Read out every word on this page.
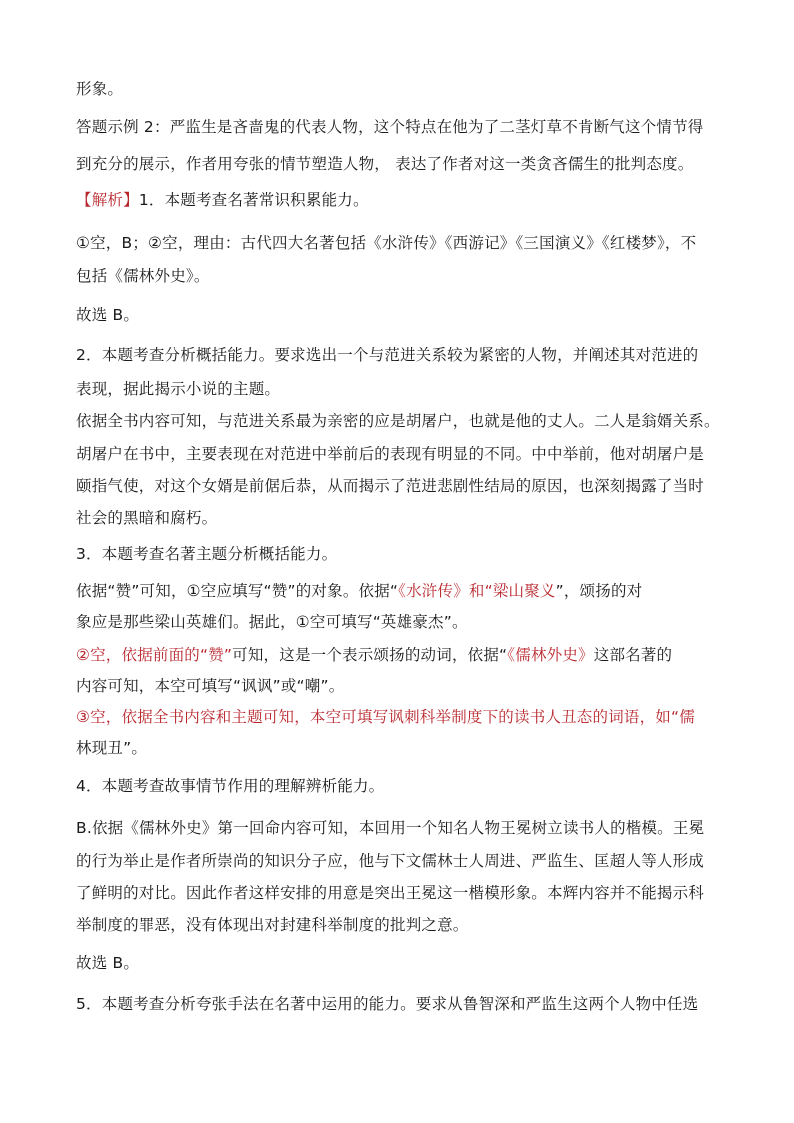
形象。
答题示例 2：严监生是吝啬鬼的代表人物，这个特点在他为了二茎灯草不肯断气这个情节得
到充分的展示，作者用夸张的情节塑造人物， 表达了作者对这一类贪吝儒生的批判态度。
【解析】1．本题考查名著常识积累能力。
①空，B；②空，理由：古代四大名著包括《水浒传》《西游记》《三国演义》《红楼梦》，不
包括《儒林外史》。
故选 B。
2．本题考查分析概括能力。要求选出一个与范进关系较为紧密的人物，并阐述其对范进的
表现，据此揭示小说的主题。
依据全书内容可知，与范进关系最为亲密的应是胡屠户，也就是他的丈人。二人是翁婿关系。
胡屠户在书中，主要表现在对范进中举前后的表现有明显的不同。中中举前，他对胡屠户是
颐指气使，对这个女婿是前倨后恭，从而揭示了范进悲剧性结局的原因，也深刻揭露了当时
社会的黑暗和腐朽。
3．本题考查名著主题分析概括能力。
依据“赞”可知，①空应填写“赞”的对象。依据“《水浒传》和“梁山聚义”，颂扬的对
象应是那些梁山英雄们。据此，①空可填写“英雄豪杰”。
②空，依据前面的“赞”可知，这是一个表示颂扬的动词，依据“《儒林外史》这部名著的
内容可知，本空可填写“讽讽”或“嘲”。
③空，依据全书内容和主题可知，本空可填写讽刺科举制度下的读书人丑态的词语，如“儒
林现丑”。
4．本题考查故事情节作用的理解辨析能力。
B.依据《儒林外史》第一回命内容可知，本回用一个知名人物王冕树立读书人的楷模。王冕
的行为举止是作者所崇尚的知识分子应，他与下文儒林士人周进、严监生、匡超人等人形成
了鲜明的对比。因此作者这样安排的用意是突出王冕这一楷模形象。本辉内容并不能揭示科
举制度的罪恶，没有体现出对封建科举制度的批判之意。
故选 B。
5．本题考查分析夸张手法在名著中运用的能力。要求从鲁智深和严监生这两个人物中任选
